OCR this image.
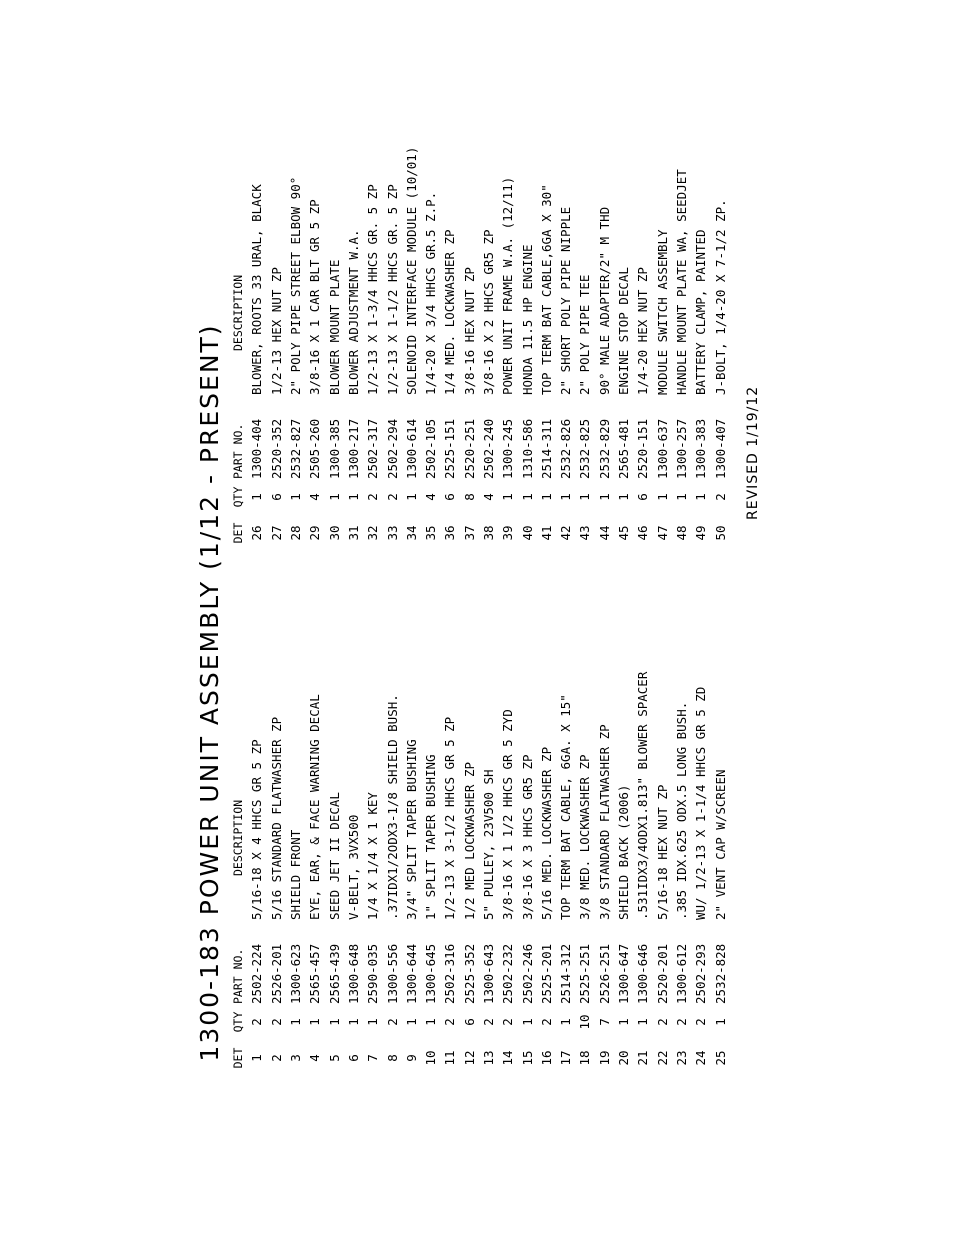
1300-183 POWER UNIT ASSEMBLY (1/12 - PRESENT) DET
QTY
PART NO.
DESCRIPTION
1
2
2502-224
5/16-18 X 4 HHCS GR 5 ZP
2
2
2526-201
5/16 STANDARD FLATWASHER ZP
3
1
1300-623
SHIELD FRONT
4
1
2565-457
EYE, EAR, & FACE WARNING DECAL
5
1
2565-439
SEED JET II DECAL
6
1
1300-648
V-BELT, 3VX500
7
1
2590-035
1/4 X 1/4 X 1 KEY
8
2
1300-556
.37IDX1/2ODX3-1/8 SHIELD BUSH.
9
1
1300-644
3/4" SPLIT TAPER BUSHING
10
1
1300-645
1" SPLIT TAPER BUSHING
11
2
2502-316
1/2-13 X 3-1/2 HHCS GR 5 ZP
12
6
2525-352
1/2 MED LOCKWASHER ZP
13
2
1300-643
5" PULLEY, 23V500 SH
14
2
2502-232
3/8-16 X 1 1/2 HHCS GR 5 ZYD
15
1
2502-246
3/8-16 X 3 HHCS GR5 ZP
16
2
2525-201
5/16 MED. LOCKWASHER ZP
17
1
2514-312
TOP TERM BAT CABLE, 6GA. X 15"
18
10
2525-251
3/8 MED. LOCKWASHER ZP
19
7
2526-251
3/8 STANDARD FLATWASHER ZP
20
1
1300-647
SHIELD BACK (2006)
21
1
1300-646
.531IDX3/4ODX1.813" BLOWER SPACER
22
2
2520-201
5/16-18 HEX NUT ZP
23
2
1300-612
.385 IDX.625 ODX.5 LONG BUSH.
24
2
2502-293
WU/ 1/2-13 X 1-1/4 HHCS GR 5 ZD
25
1
2532-828
2" VENT CAP W/SCREEN
DET
QTY
PART NO.
DESCRIPTION
26
1
1300-404
BLOWER, ROOTS 33 URAL, BLACK
27
6
2520-352
1/2-13 HEX NUT ZP
28
1
2532-827
2" POLY PIPE STREET ELBOW 90°
29
4
2505-260
3/8-16 X 1 CAR BLT GR 5 ZP
30
1
1300-385
BLOWER MOUNT PLATE
31
1
1300-217
BLOWER ADJUSTMENT W.A.
32
2
2502-317
1/2-13 X 1-3/4 HHCS GR. 5 ZP
33
2
2502-294
1/2-13 X 1-1/2 HHCS GR. 5 ZP
34
1
1300-614
SOLENOID INTERFACE MODULE (10/01)
35
4
2502-105
1/4-20 X 3/4 HHCS GR.5 Z.P.
36
6
2525-151
1/4 MED. LOCKWASHER ZP
37
8
2520-251
3/8-16 HEX NUT ZP
38
4
2502-240
3/8-16 X 2 HHCS GR5 ZP
39
1
1300-245
POWER UNIT FRAME W.A. (12/11)
40
1
1310-586
HONDA 11.5 HP ENGINE
41
1
2514-311
TOP TERM BAT CABLE,6GA X 30"
42
1
2532-826
2" SHORT POLY PIPE NIPPLE
43
1
2532-825
2" POLY PIPE TEE
44
1
2532-829
90° MALE ADAPTER/2" M THD
45
1
2565-481
ENGINE STOP DECAL
46
6
2520-151
1/4-20 HEX NUT ZP
47
1
1300-637
MODULE SWITCH ASSEMBLY
48
1
1300-257
HANDLE MOUNT PLATE WA, SEEDJET
49
1
1300-383
BATTERY CLAMP, PAINTED
50
2
1300-407
J-BOLT, 1/4-20 X 7-1/2 ZP.
REVISED 1/19/12
